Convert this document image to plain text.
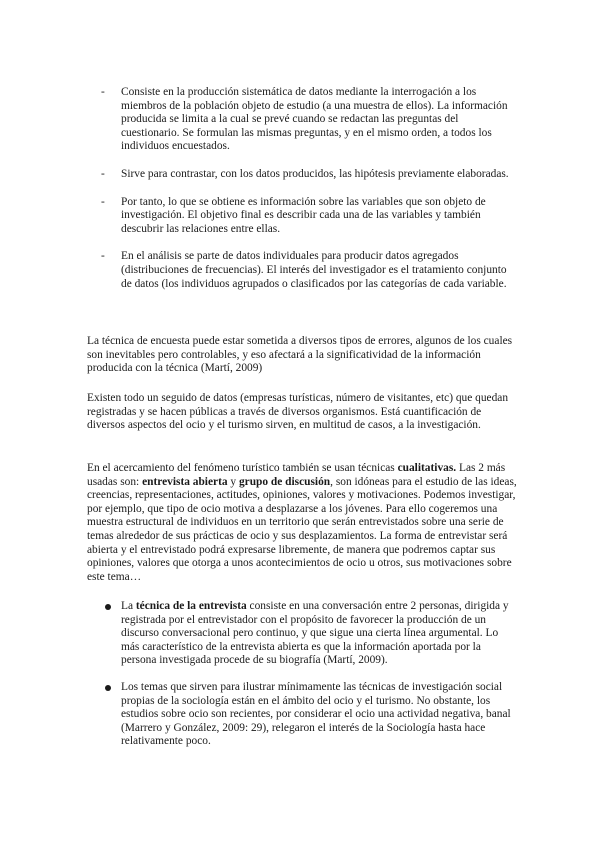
- Consiste en la producción sistemática de datos mediante la interrogación a los miembros de la población objeto de estudio (a una muestra de ellos). La información producida se limita a la cual se prevé cuando se redactan las preguntas del cuestionario. Se formulan las mismas preguntas, y en el mismo orden, a todos los individuos encuestados.
- Sirve para contrastar, con los datos producidos, las hipótesis previamente elaboradas.
- Por tanto, lo que se obtiene es información sobre las variables que son objeto de investigación. El objetivo final es describir cada una de las variables y también descubrir las relaciones entre ellas.
- En el análisis se parte de datos individuales para producir datos agregados (distribuciones de frecuencias). El interés del investigador es el tratamiento conjunto de datos (los individuos agrupados o clasificados por las categorías de cada variable.

La técnica de encuesta puede estar sometida a diversos tipos de errores, algunos de los cuales son inevitables pero controlables, y eso afectará a la significatividad de la información producida con la técnica (Martí, 2009)

Existen todo un seguido de datos (empresas turísticas, número de visitantes, etc) que quedan registradas y se hacen públicas a través de diversos organismos. Está cuantificación de diversos aspectos del ocio y el turismo sirven, en multitud de casos, a la investigación.

En el acercamiento del fenómeno turístico también se usan técnicas cualitativas. Las 2 más usadas son: entrevista abierta y grupo de discusión, son idóneas para el estudio de las ideas, creencias, representaciones, actitudes, opiniones, valores y motivaciones. Podemos investigar, por ejemplo, que tipo de ocio motiva a desplazarse a los jóvenes. Para ello cogeremos una muestra estructural de individuos en un territorio que serán entrevistados sobre una serie de temas alrededor de sus prácticas de ocio y sus desplazamientos. La forma de entrevistar será abierta y el entrevistado podrá expresarse libremente, de manera que podremos captar sus opiniones, valores que otorga a unos acontecimientos de ocio u otros, sus motivaciones sobre este tema…

La técnica de la entrevista consiste en una conversación entre 2 personas, dirigida y registrada por el entrevistador con el propósito de favorecer la producción de un discurso conversacional pero continuo, y que sigue una cierta línea argumental. Lo más característico de la entrevista abierta es que la información aportada por la persona investigada procede de su biografía (Martí, 2009).
Los temas que sirven para ilustrar mínimamente las técnicas de investigación social propias de la sociología están en el ámbito del ocio y el turismo. No obstante, los estudios sobre ocio son recientes, por considerar el ocio una actividad negativa, banal (Marrero y González, 2009: 29), relegaron el interés de la Sociología hasta hace relativamente poco.
